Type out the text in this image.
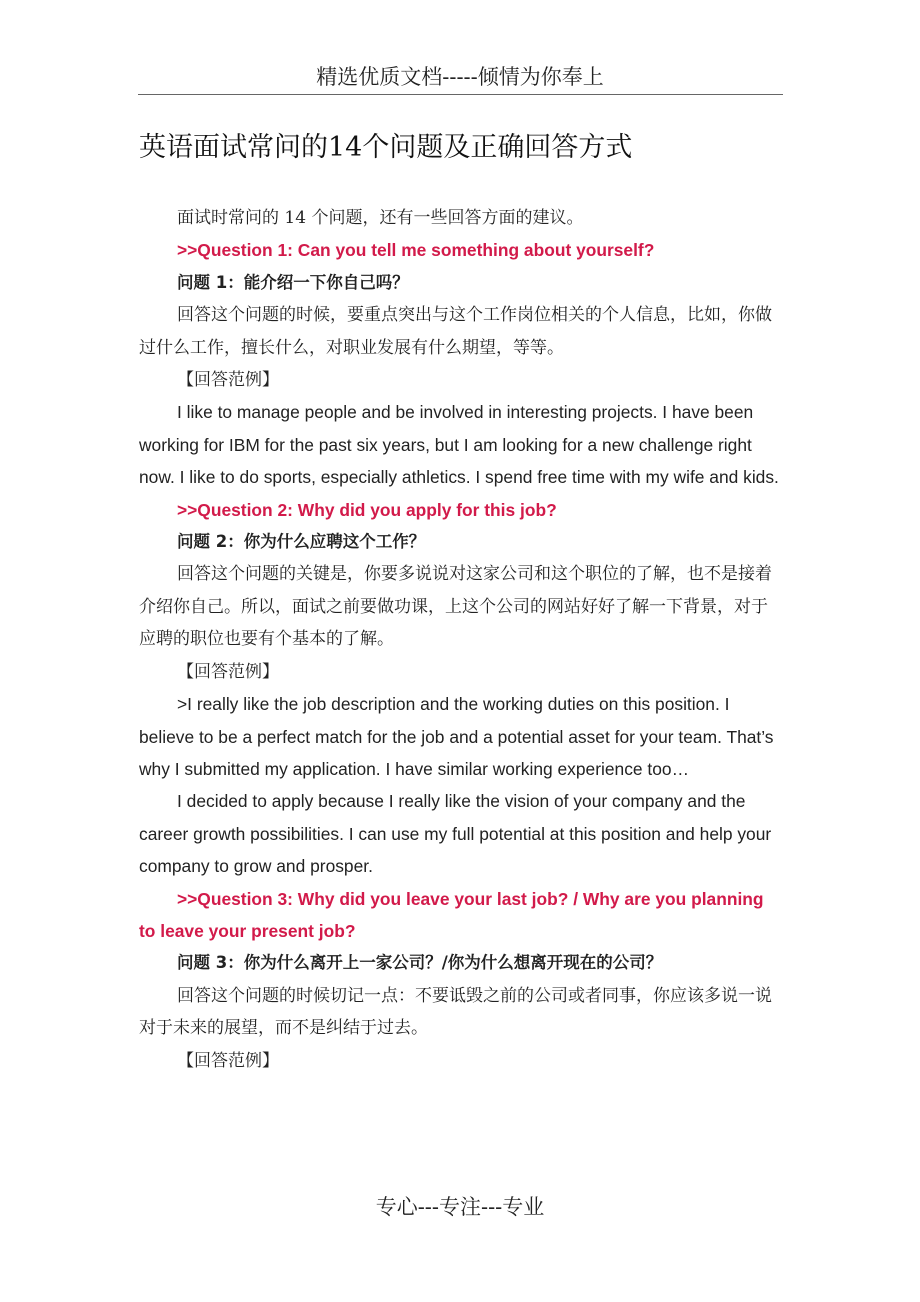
精选优质文档-----倾情为你奉上
英语面试常问的14个问题及正确回答方式

面试时常问的 14 个问题，还有一些回答方面的建议。

>>Question 1: Can you tell me something about yourself?

问题 1：能介绍一下你自己吗？

回答这个问题的时候，要重点突出与这个工作岗位相关的个人信息，比如，你做过什么工作，擅长什么，对职业发展有什么期望，等等。

【回答范例】

I like to manage people and be involved in interesting projects. I have been working for IBM for the past six years, but I am looking for a new challenge right now. I like to do sports, especially athletics. I spend free time with my wife and kids.

>>Question 2: Why did you apply for this job?

问题 2：你为什么应聘这个工作？

回答这个问题的关键是，你要多说说对这家公司和这个职位的了解，也不是接着介绍你自己。所以，面试之前要做功课，上这个公司的网站好好了解一下背景，对于应聘的职位也要有个基本的了解。

【回答范例】

>I really like the job description and the working duties on this position. I believe to be a perfect match for the job and a potential asset for your team. That’s why I submitted my application. I have similar working experience too…

I decided to apply because I really like the vision of your company and the career growth possibilities. I can use my full potential at this position and help your company to grow and prosper.

>>Question 3: Why did you leave your last job? / Why are you planning to leave your present job?

问题 3：你为什么离开上一家公司？/你为什么想离开现在的公司？

回答这个问题的时候切记一点：不要诋毁之前的公司或者同事，你应该多说一说对于未来的展望，而不是纠结于过去。

【回答范例】

专心---专注---专业
